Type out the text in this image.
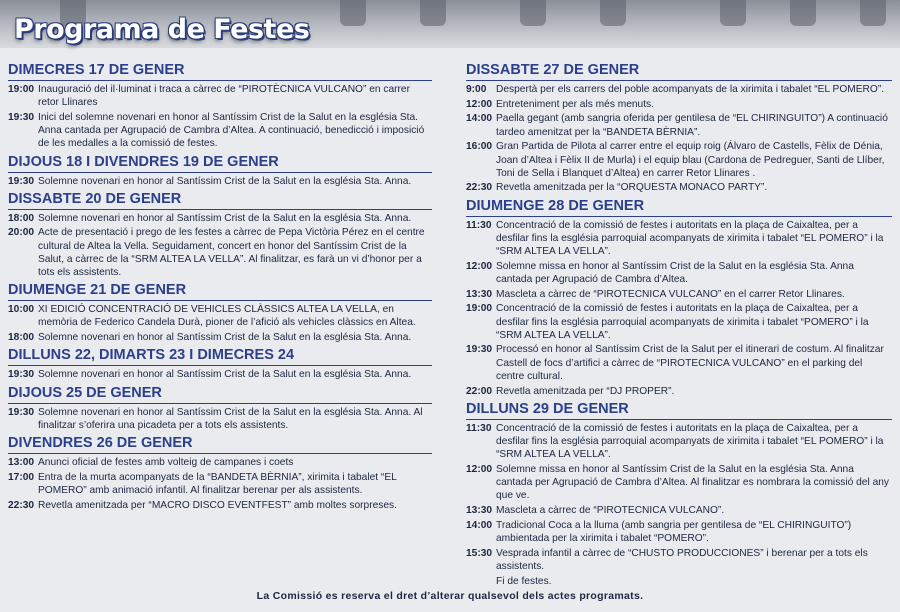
Programa de Festes
DIMECRES 17 DE GENER
19:00 Inauguració del il·luminat i traca a càrrec de “PIROTÈCNICA VULCANO” en carrer retor Llinares
19:30 Inici del solemne novenari en honor al Santíssim Crist de la Salut en la església Sta. Anna cantada per Agrupació de Cambra d’Altea. A continuació, benedicció i imposició de les medalles a la comissió de festes.
DIJOUS 18 I DIVENDRES 19 DE GENER
19:30 Solemne novenari en honor al Santíssim Crist de la Salut en la església Sta. Anna.
DISSABTE 20 DE GENER
18:00 Solemne novenari en honor al Santíssim Crist de la Salut en la església Sta. Anna.
20:00 Acte de presentació i prego de les festes a càrrec de Pepa Victòria Pérez en el centre cultural de Altea la Vella. Seguidament, concert en honor del Santíssim Crist de la Salut, a càrrec de la “SRM ALTEA LA VELLA”. Al finalitzar, es farà un vi d’honor per a tots els assistents.
DIUMENGE 21 DE GENER
10:00 XI EDICIÓ CONCENTRACIÓ DE VEHICLES CLÀSSICS ALTEA LA VELLA, en memòria de Federico Candela Durà, pioner de l’afició als vehicles clàssics en Altea.
18:00 Solemne novenari en honor al Santíssim Crist de la Salut en la església Sta. Anna.
DILLUNS 22, DIMARTS 23 I DIMECRES 24
19:30 Solemne novenari en honor al Santíssim Crist de la Salut en la església Sta. Anna.
DIJOUS 25 DE GENER
19:30 Solemne novenari en honor al Santíssim Crist de la Salut en la església Sta. Anna. Al finalitzar s’oferira una picadeta per a tots els assistents.
DIVENDRES 26 DE GENER
13:00 Anunci oficial de festes amb volteig de campanes i coets
17:00 Entra de la murta acompanyats de la “BANDETA BÈRNIA”, xirimita i tabalet “EL POMERO” amb animació infantil. Al finalitzar berenar per als assistents.
22:30 Revetla amenitzada per “MACRO DISCO EVENTFEST” amb moltes sorpreses.
DISSABTE 27 DE GENER
9:00 Despertà per els carrers del poble acompanyats de la xirimita i tabalet “EL POMERO”.
12:00 Entreteniment per als més menuts.
14:00 Paella gegant (amb sangria oferida per gentilesa de “EL CHIRINGUITO”) A continuació tardeo amenitzat per la “BANDETA BÈRNIA”.
16:00 Gran Partida de Pilota al carrer entre el equip roig (Álvaro de Castells, Fèlix de Dénia, Joan d’Altea i Fèlix II de Murla) i el equip blau (Cardona de Pedreguer, Santi de Llíber, Toni de Sella i Blanquet d’Altea) en carrer Retor Llinares .
22:30 Revetla amenitzada per la “ORQUESTA MONACO PARTY”.
DIUMENGE 28 DE GENER
11:30 Concentració de la comissió de festes i autoritats en la plaça de Caixaltea, per a desfilar fins la església parroquial acompanyats de xirimita i tabalet “EL POMERO” i la “SRM ALTEA LA VELLA”.
12:00 Solemne missa en honor al Santíssim Crist de la Salut en la església Sta. Anna cantada per Agrupació de Cambra d’Altea.
13:30 Mascleta a càrrec de “PIROTECNICA VULCANO” en el carrer Retor Llinares.
19:00 Concentració de la comissió de festes i autoritats en la plaça de Caixaltea, per a desfilar fins la església parroquial acompanyats de xirimita i tabalet “POMERO” i la “SRM ALTEA LA VELLA”.
19:30 Processó en honor al Santíssim Crist de la Salut per el itinerari de costum. Al finalitzar Castell de focs d’artifici a càrrec de “PIROTECNICA VULCANO” en el parking del centre cultural.
22:00 Revetla amenitzada per “DJ PROPER”.
DILLUNS 29 DE GENER
11:30 Concentració de la comissió de festes i autoritats en la plaça de Caixaltea, per a desfilar fins la església parroquial acompanyats de xirimita i tabalet “EL POMERO” i la “SRM ALTEA LA VELLA”.
12:00 Solemne missa en honor al Santíssim Crist de la Salut en la església Sta. Anna cantada per Agrupació de Cambra d’Altea. Al finalitzar es nombrara la comissió del any que ve.
13:30 Mascleta a càrrec de “PIROTECNICA VULCANO”.
14:00 Tradicional Coca a la lluma (amb sangria per gentilesa de “EL CHIRINGUITO”) ambientada per la xirimita i tabalet “POMERO”.
15:30 Vesprada infantil a càrrec de “CHUSTO PRODUCCIONES” i berenar per a tots els assistents.
Fi de festes.
La Comissió es reserva el dret d’alterar qualsevol dels actes programats.
